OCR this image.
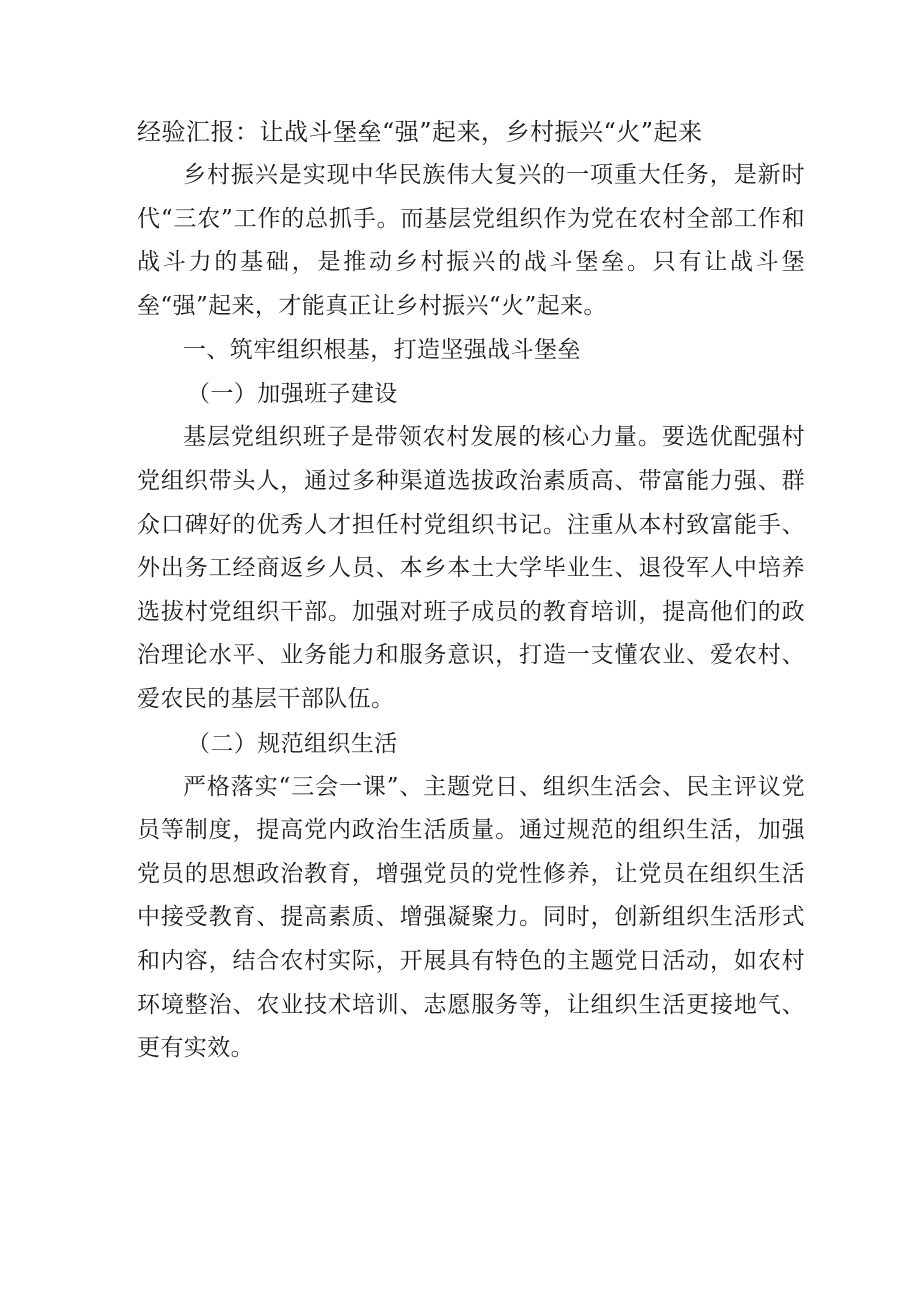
经验汇报：让战斗堡垒“强”起来，乡村振兴“火”起来

乡村振兴是实现中华民族伟大复兴的一项重大任务，是新时代“三农”工作的总抓手。而基层党组织作为党在农村全部工作和战斗力的基础，是推动乡村振兴的战斗堡垒。只有让战斗堡垒“强”起来，才能真正让乡村振兴“火”起来。

一、筑牢组织根基，打造坚强战斗堡垒

（一）加强班子建设

基层党组织班子是带领农村发展的核心力量。要选优配强村党组织带头人，通过多种渠道选拔政治素质高、带富能力强、群众口碑好的优秀人才担任村党组织书记。注重从本村致富能手、外出务工经商返乡人员、本乡本土大学毕业生、退役军人中培养选拔村党组织干部。加强对班子成员的教育培训，提高他们的政治理论水平、业务能力和服务意识，打造一支懂农业、爱农村、爱农民的基层干部队伍。

（二）规范组织生活

严格落实“三会一课”、主题党日、组织生活会、民主评议党员等制度，提高党内政治生活质量。通过规范的组织生活，加强党员的思想政治教育，增强党员的党性修养，让党员在组织生活中接受教育、提高素质、增强凝聚力。同时，创新组织生活形式和内容，结合农村实际，开展具有特色的主题党日活动，如农村环境整治、农业技术培训、志愿服务等，让组织生活更接地气、更有实效。
